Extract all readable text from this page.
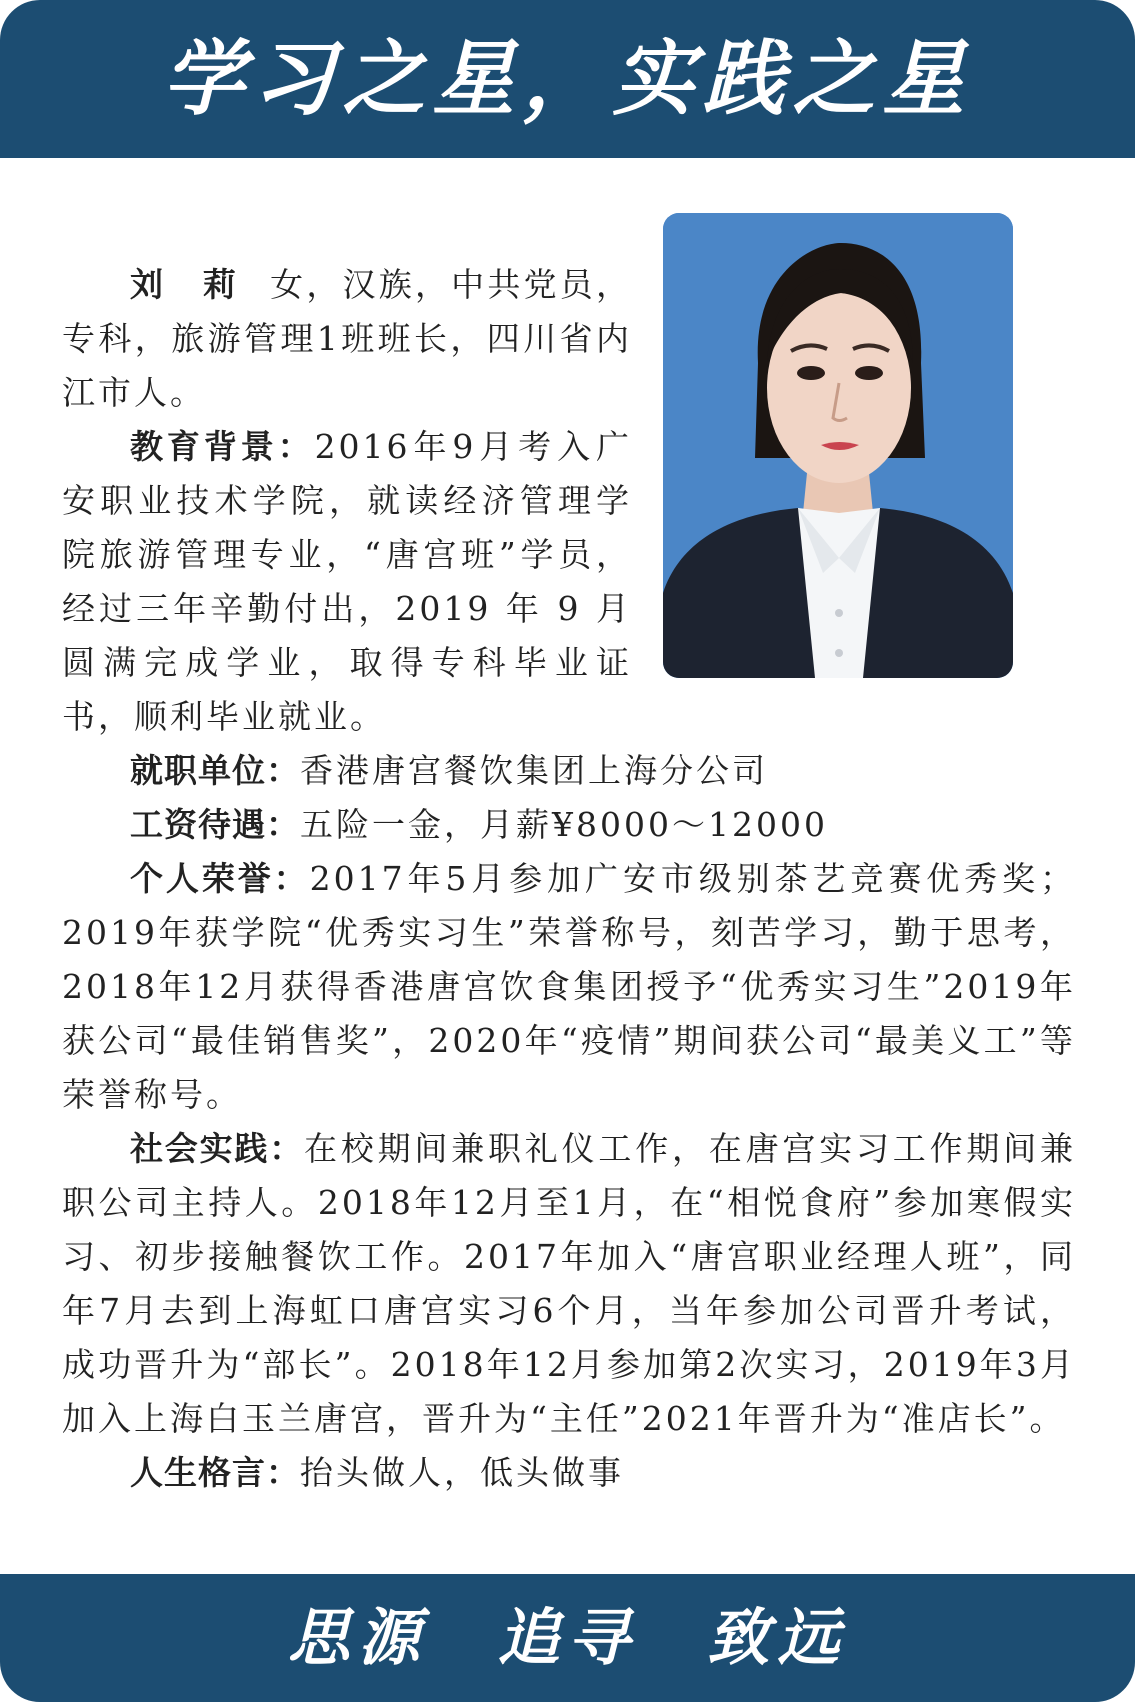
学习之星，实践之星

刘 莉 女，汉族，中共党员，专科，旅游管理1班班长，四川省内江市人。

教育背景：2016年9月考入广安职业技术学院，就读经济管理学院旅游管理专业，“唐宫班”学员，经过三年辛勤付出，2019 年 9 月圆满完成学业，取得专科毕业证书，顺利毕业就业。

就职单位：香港唐宫餐饮集团上海分公司

工资待遇：五险一金，月薪¥8000～12000

个人荣誉：2017年5月参加广安市级别茶艺竞赛优秀奖；2019年获学院“优秀实习生”荣誉称号，刻苦学习，勤于思考，2018年12月获得香港唐宫饮食集团授予“优秀实习生”2019年获公司“最佳销售奖”，2020年“疫情”期间获公司“最美义工”等荣誉称号。

社会实践：在校期间兼职礼仪工作，在唐宫实习工作期间兼职公司主持人。2018年12月至1月，在“相悦食府”参加寒假实习、初步接触餐饮工作。2017年加入“唐宫职业经理人班”，同年7月去到上海虹口唐宫实习6个月，当年参加公司晋升考试，成功晋升为“部长”。2018年12月参加第2次实习，2019年3月加入上海白玉兰唐宫，晋升为“主任”2021年晋升为“准店长”。

人生格言：抬头做人，低头做事

思源 追寻 致远
